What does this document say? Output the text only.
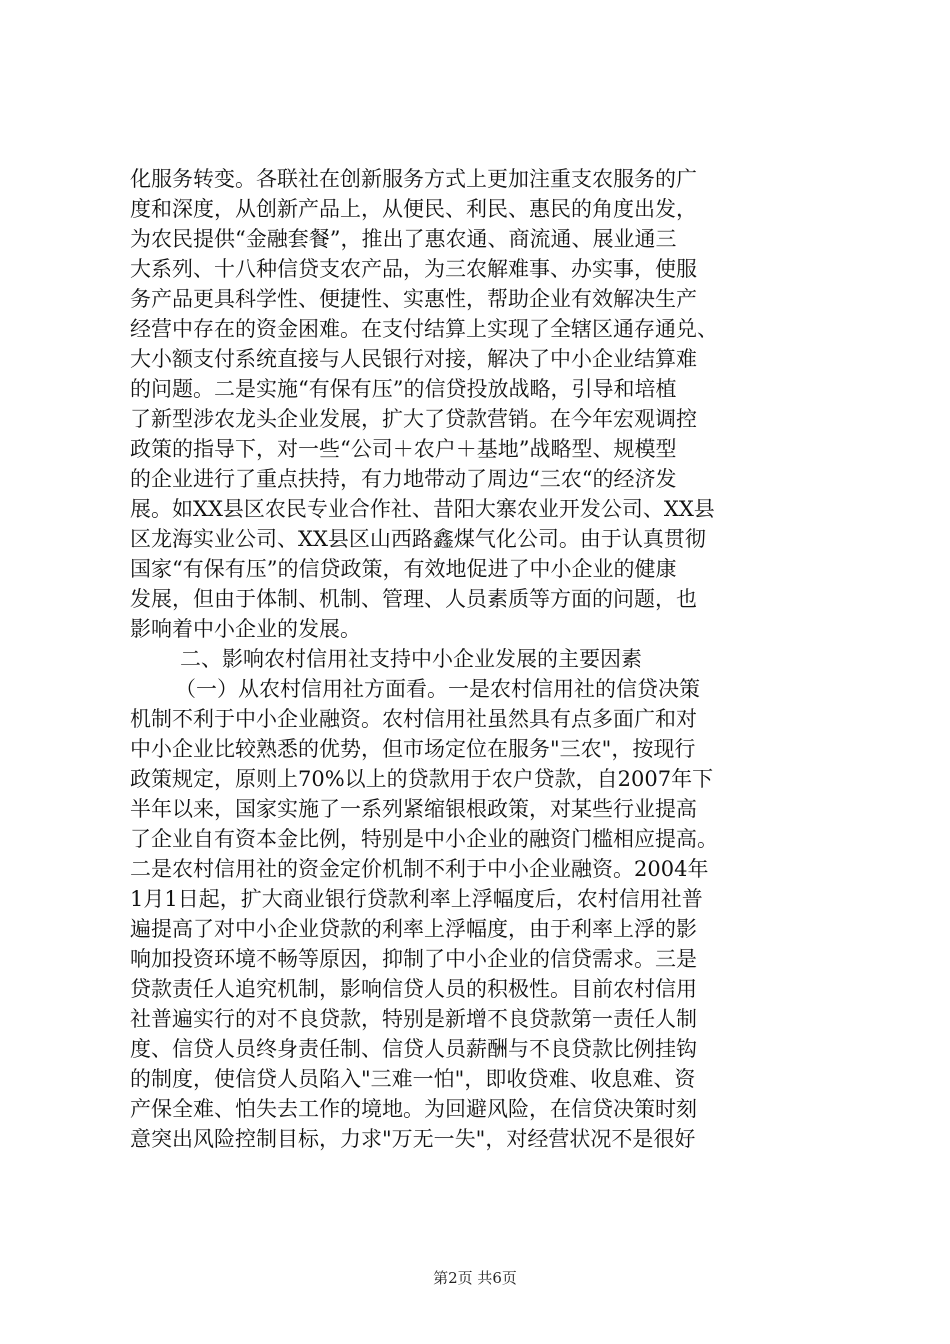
化服务转变。各联社在创新服务方式上更加注重支农服务的广
度和深度，从创新产品上，从便民、利民、惠民的角度出发，
为农民提供“金融套餐”，推出了惠农通、商流通、展业通三
大系列、十八种信贷支农产品，为三农解难事、办实事，使服
务产品更具科学性、便捷性、实惠性，帮助企业有效解决生产
经营中存在的资金困难。在支付结算上实现了全辖区通存通兑、
大小额支付系统直接与人民银行对接，解决了中小企业结算难
的问题。二是实施“有保有压”的信贷投放战略，引导和培植
了新型涉农龙头企业发展，扩大了贷款营销。在今年宏观调控
政策的指导下，对一些“公司＋农户＋基地”战略型、规模型
的企业进行了重点扶持，有力地带动了周边“三农“的经济发
展。如XX县区农民专业合作社、昔阳大寨农业开发公司、XX县
区龙海实业公司、XX县区山西路鑫煤气化公司。由于认真贯彻
国家“有保有压”的信贷政策，有效地促进了中小企业的健康
发展，但由于体制、机制、管理、人员素质等方面的问题，也
影响着中小企业的发展。
二、影响农村信用社支持中小企业发展的主要因素
（一）从农村信用社方面看。一是农村信用社的信贷决策
机制不利于中小企业融资。农村信用社虽然具有点多面广和对
中小企业比较熟悉的优势，但市场定位在服务"三农"，按现行
政策规定，原则上70%以上的贷款用于农户贷款，自2007年下
半年以来，国家实施了一系列紧缩银根政策，对某些行业提高
了企业自有资本金比例，特别是中小企业的融资门槛相应提高。
二是农村信用社的资金定价机制不利于中小企业融资。2004年
1月1日起，扩大商业银行贷款利率上浮幅度后，农村信用社普
遍提高了对中小企业贷款的利率上浮幅度，由于利率上浮的影
响加投资环境不畅等原因，抑制了中小企业的信贷需求。三是
贷款责任人追究机制，影响信贷人员的积极性。目前农村信用
社普遍实行的对不良贷款，特别是新增不良贷款第一责任人制
度、信贷人员终身责任制、信贷人员薪酬与不良贷款比例挂钩
的制度，使信贷人员陷入"三难一怕"，即收贷难、收息难、资
产保全难、怕失去工作的境地。为回避风险，在信贷决策时刻
意突出风险控制目标，力求"万无一失"，对经营状况不是很好
第2页 共6页
